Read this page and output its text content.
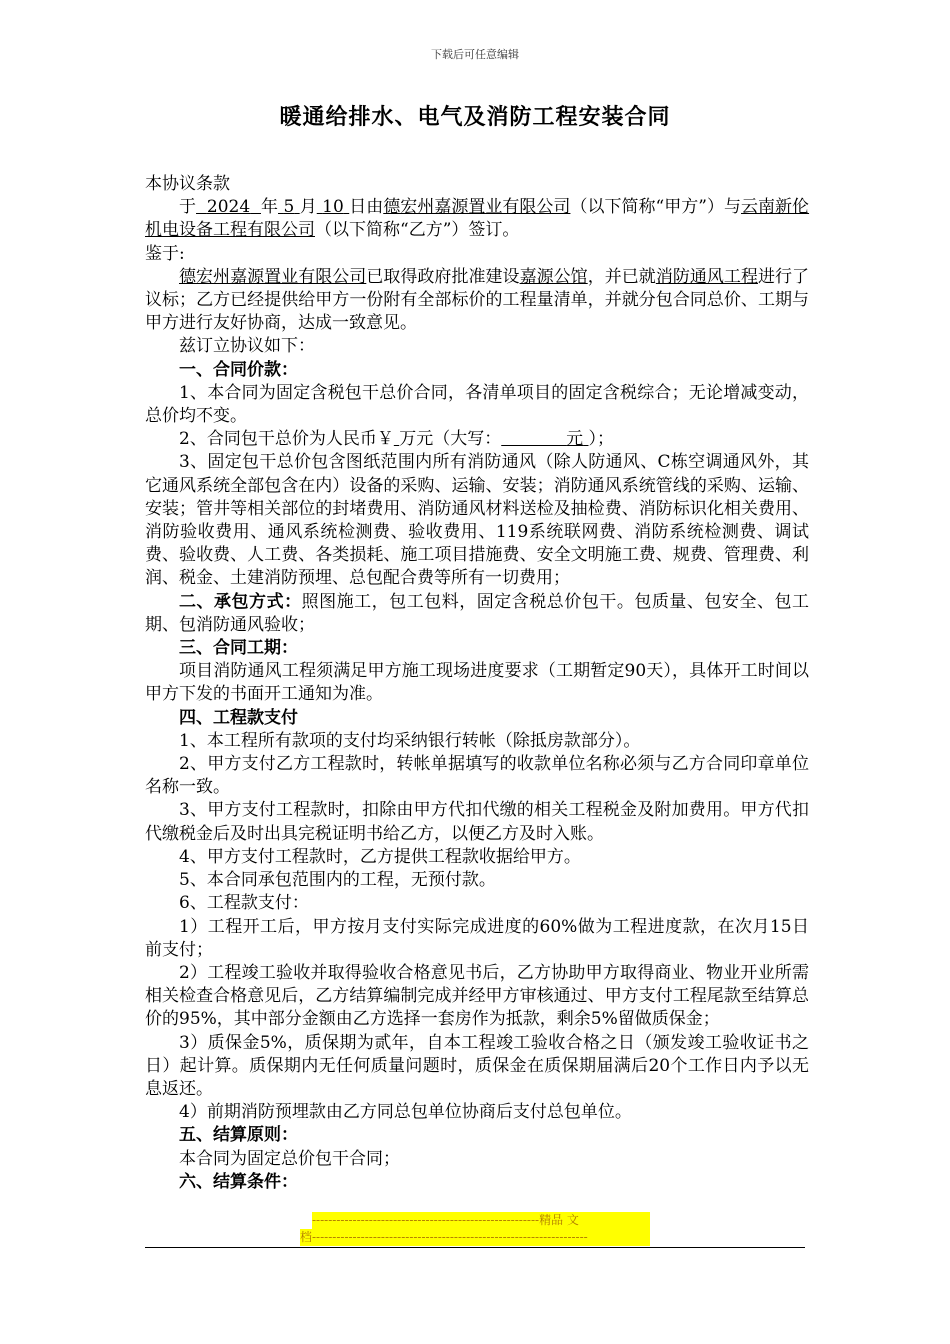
下载后可任意编辑
暖通给排水、电气及消防工程安装合同

本协议条款

于 2024 年 5 月 10 日由德宏州嘉源置业有限公司（以下简称“甲方”）与云南新伦机电设备工程有限公司（以下简称“乙方”）签订。

鉴于:

德宏州嘉源置业有限公司已取得政府批准建设嘉源公馆，并已就消防通风工程进行了议标；乙方已经提供给甲方一份附有全部标价的工程量清单，并就分包合同总价、工期与甲方进行友好协商，达成一致意见。

兹订立协议如下：

一、合同价款：

1、本合同为固定含税包干总价合同，各清单项目的固定含税综合；无论增减变动，总价均不变。

2、合同包干总价为人民币￥ 万元（大写：	元 ）；

3、固定包干总价包含图纸范围内所有消防通风（除人防通风、C栋空调通风外，其它通风系统全部包含在内）设备的采购、运输、安装；消防通风系统管线的采购、运输、安装；管井等相关部位的封堵费用、消防通风材料送检及抽检费、消防标识化相关费用、消防验收费用、通风系统检测费、验收费用、119系统联网费、消防系统检测费、调试费、验收费、人工费、各类损耗、施工项目措施费、安全文明施工费、规费、管理费、利润、税金、土建消防预埋、总包配合费等所有一切费用；

二、承包方式：照图施工，包工包料，固定含税总价包干。包质量、包安全、包工期、包消防通风验收；

三、合同工期：

项目消防通风工程须满足甲方施工现场进度要求（工期暂定90天），具体开工时间以甲方下发的书面开工通知为准。

四、工程款支付

1、本工程所有款项的支付均采纳银行转帐（除抵房款部分）。

2、甲方支付乙方工程款时，转帐单据填写的收款单位名称必须与乙方合同印章单位名称一致。

3、甲方支付工程款时，扣除由甲方代扣代缴的相关工程税金及附加费用。甲方代扣代缴税金后及时出具完税证明书给乙方，以便乙方及时入账。

4、甲方支付工程款时，乙方提供工程款收据给甲方。

5、本合同承包范围内的工程，无预付款。

6、工程款支付：

1）工程开工后，甲方按月支付实际完成进度的60%做为工程进度款，在次月15日前支付；

2）工程竣工验收并取得验收合格意见书后，乙方协助甲方取得商业、物业开业所需相关检查合格意见后，乙方结算编制完成并经甲方审核通过、甲方支付工程尾款至结算总价的95%，其中部分金额由乙方选择一套房作为抵款，剩余5%留做质保金；

3）质保金5%，质保期为贰年，自本工程竣工验收合格之日（颁发竣工验收证书之日）起计算。质保期内无任何质量问题时，质保金在质保期届满后20个工作日内予以无息返还。

4）前期消防预埋款由乙方同总包单位协商后支付总包单位。

五、结算原则：

本合同为固定总价包干合同；

六、结算条件：

--------------------------------------------------------精品 文
档--------------------------------------------------------------------
